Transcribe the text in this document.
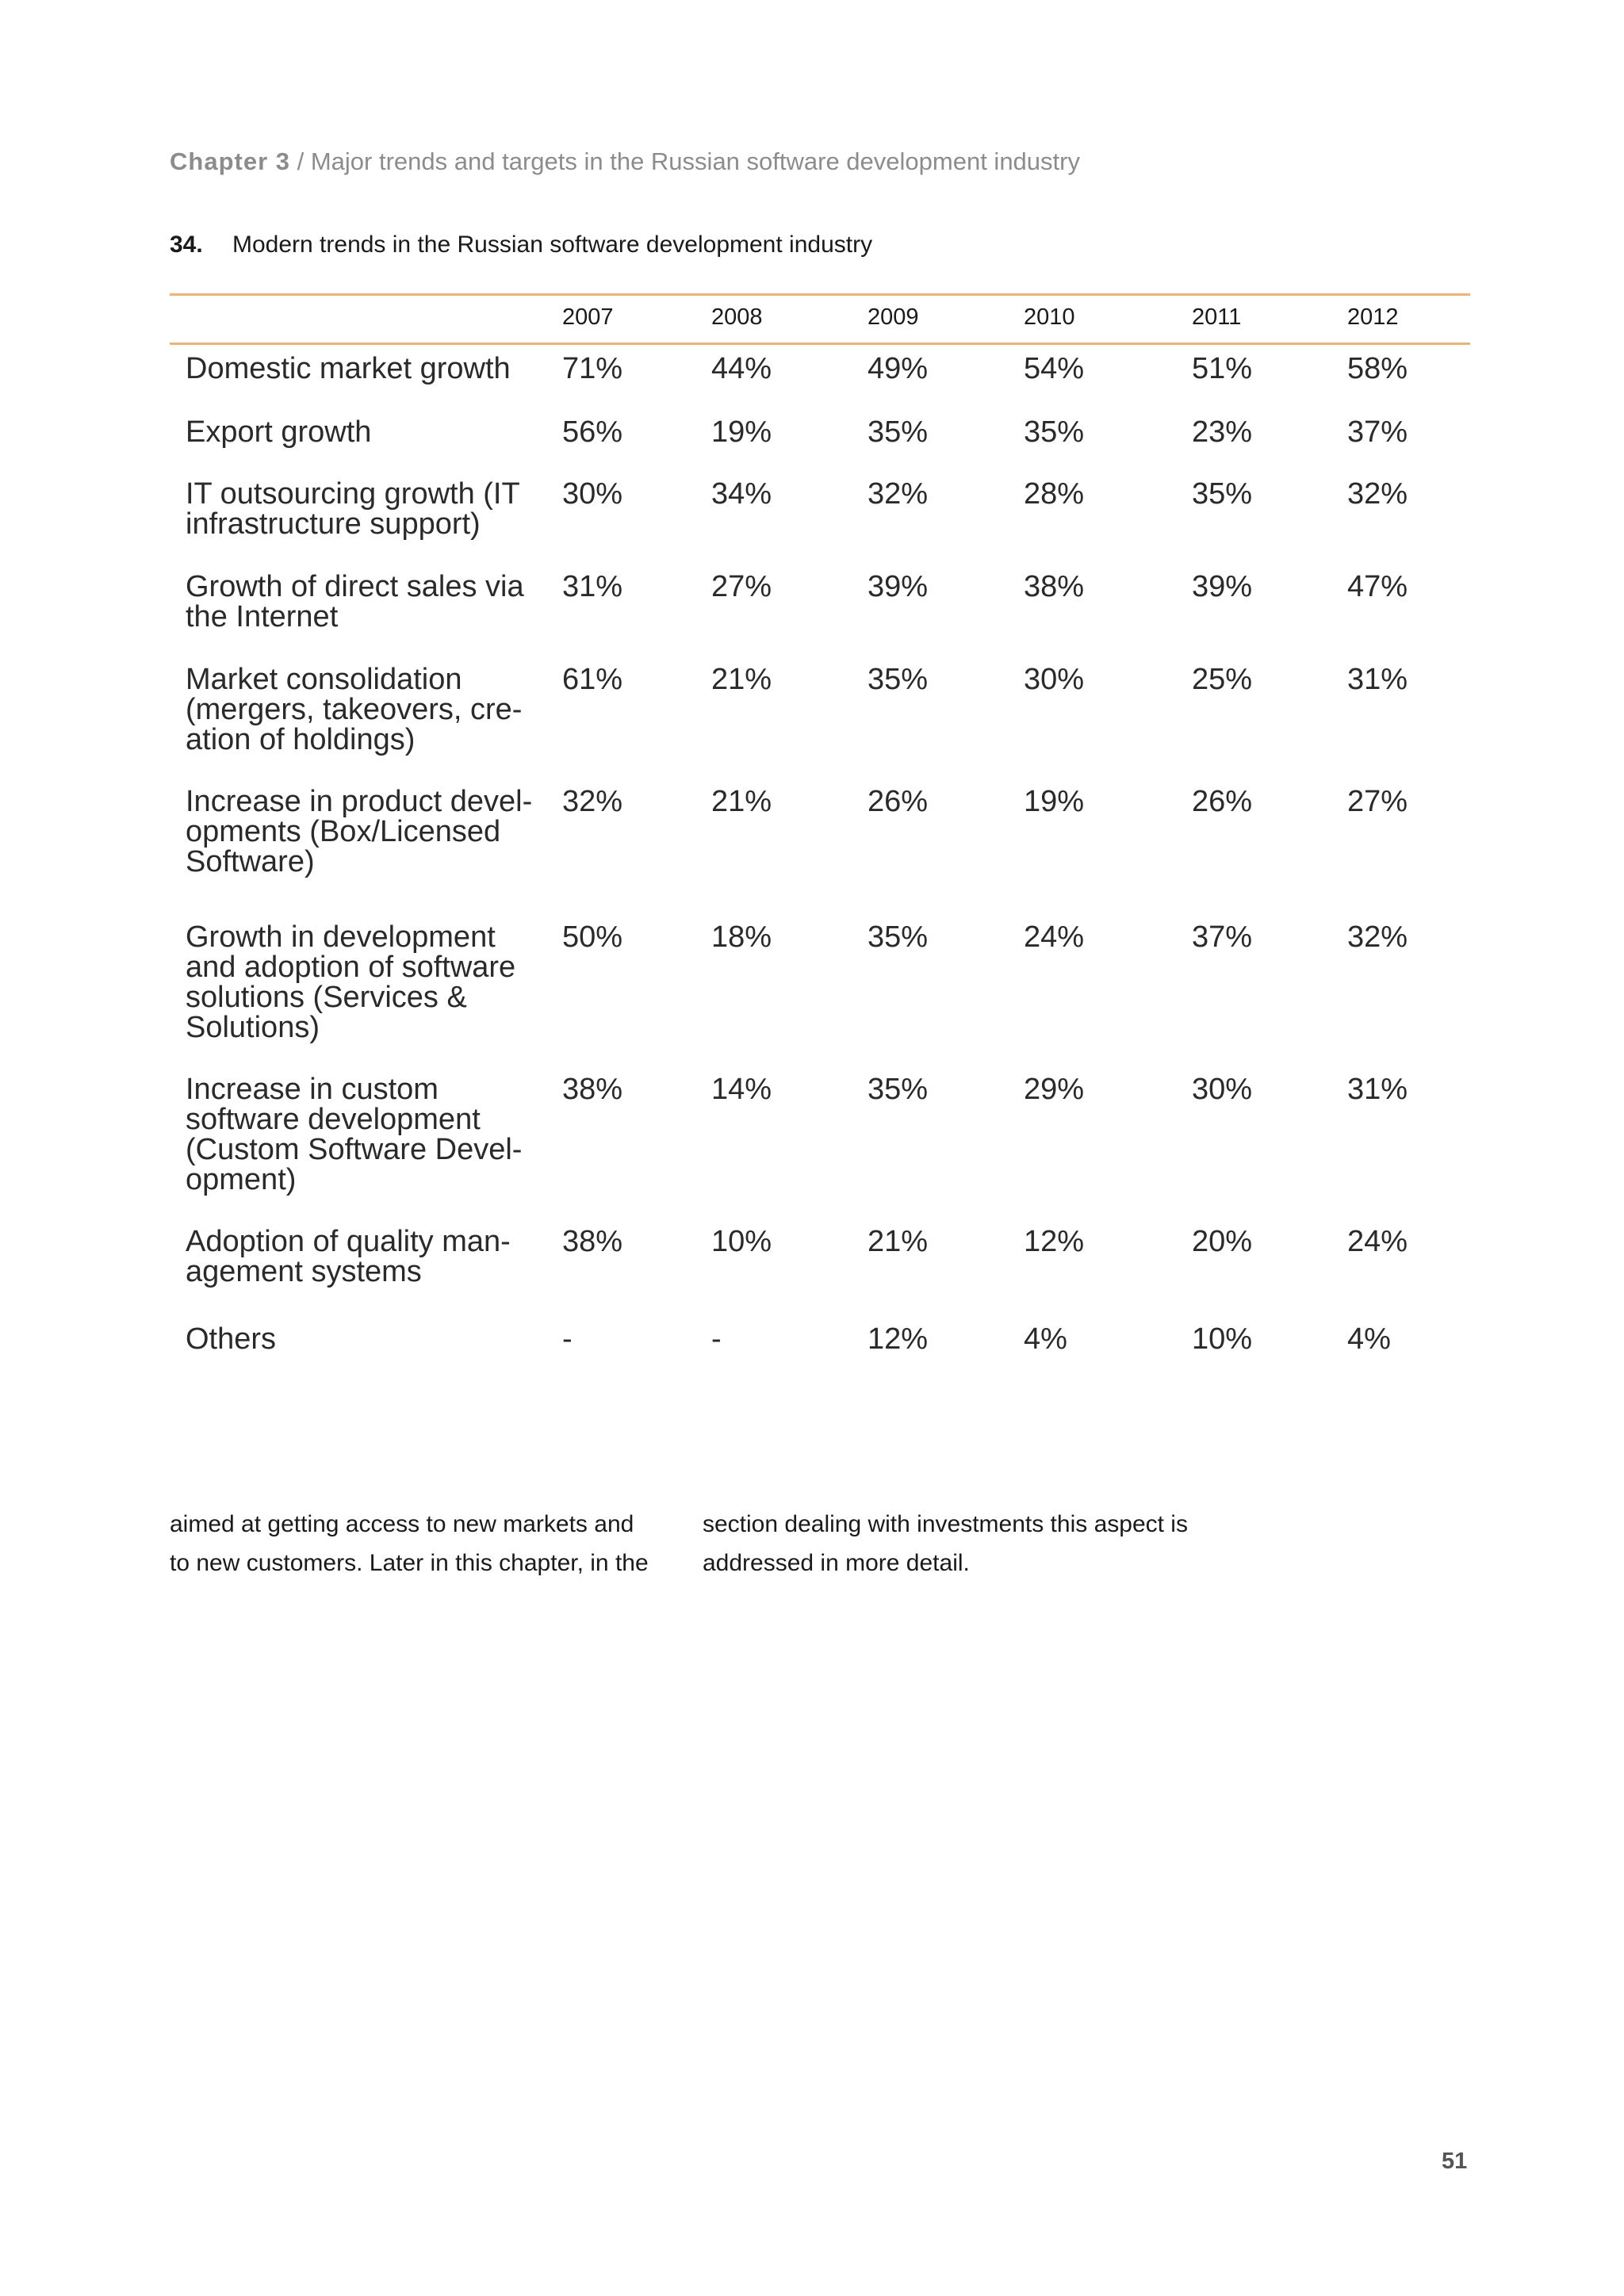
Chapter 3 / Major trends and targets in the Russian software development industry
34. Modern trends in the Russian software development industry
2007	2008	2009	2010	2011	2012
Domestic market growth	71%	44%	49%	54%	51%	58%
Export growth	56%	19%	35%	35%	23%	37%
IT outsourcing growth (IT
infrastructure support)
30%	34%	32%	28%	35%	32%
Growth of direct sales via
the Internet
31%	27%	39%	38%	39%	47%
Market consolidation
(mergers, takeovers, cre-
ation of holdings)
61%	21%	35%	30%	25%	31%
Increase in product devel-
opments (Box/Licensed
Software)
32%	21%	26%	19%	26%	27%
Growth in development
and adoption of software
solutions (Services &
Solutions)
50%	18%	35%	24%	37%	32%
Increase in custom
software development
(Custom Software Devel-
opment)
38%	14%	35%	29%	30%	31%
Adoption of quality man-
agement systems
38%	10%	21%	12%	20%	24%
Others	-	-	12%	4%	10%	4%
aimed at getting access to new markets and
to new customers. Later in this chapter, in the
section dealing with investments this aspect is
addressed in more detail.
51
